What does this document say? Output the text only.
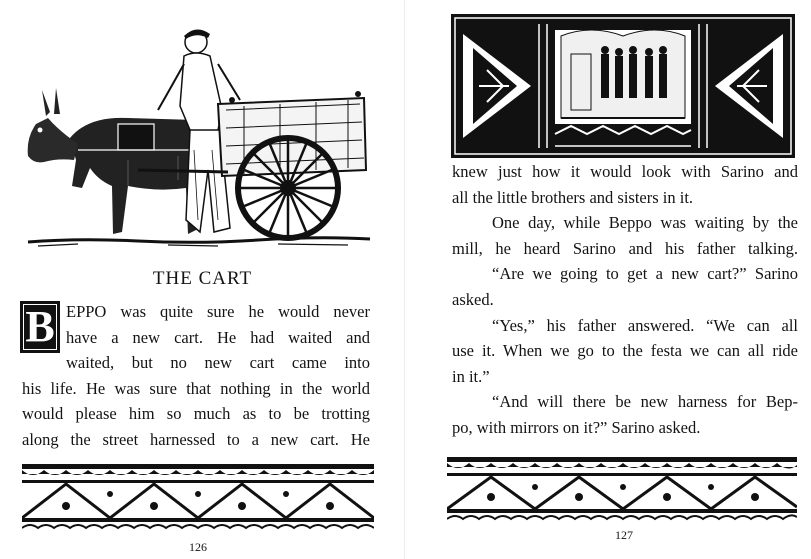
THE CART
B EPPO was quite sure he would never
have a new cart. He had waited and
waited, but no new cart came into
his life. He was sure that nothing in the world
would please him so much as to be trotting
along the street harnessed to a new cart. He

126

knew just how it would look with Sarino and
all the little brothers and sisters in it.
One day, while Beppo was waiting by the
mill, he heard Sarino and his father talking.
“Are we going to get a new cart?” Sarino
asked.
“Yes,” his father answered. “We can all
use it. When we go to the festa we can all ride
in it.”
“And will there be new harness for Bep-
po, with mirrors on it?” Sarino asked.

127
